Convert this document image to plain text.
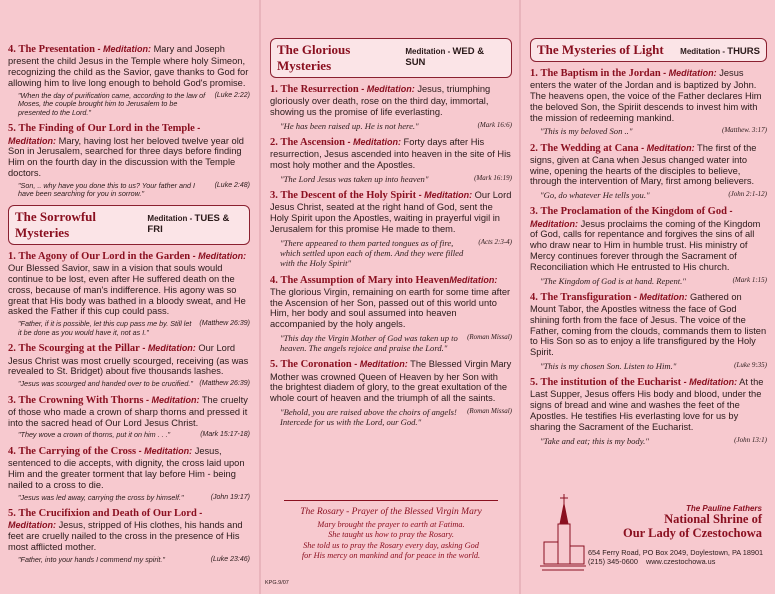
4. The Presentation - Meditation: Mary and Joseph present the child Jesus in the Temple where holy Simeon, recognizing the child as the Savior, gave thanks to God for allowing him to live long enough to behold God's promise.

"When the day of purification came, according to the law of Moses, the couple brought him to Jerusalem to be presented to the Lord."
(Luke 2:22)

5. The Finding of Our Lord in the Temple - Meditation: Mary, having lost her beloved twelve year old Son in Jerusalem, searched for three days before finding Him on the fourth day in the discussion with the Temple doctors.

"Son, .. why have you done this to us? Your father and I have been searching for you in sorrow."
(Luke 2:48)
The Sorrowful Mysteries
Meditation - TUES & FRI

1. The Agony of Our Lord in the Garden - Meditation: Our Blessed Savior, saw in a vision that souls would continue to be lost, even after He suffered death on the cross, because of man's indifference. His agony was so great that His body was bathed in a bloody sweat, and He asked the Father if this cup could pass.

"Father, if it is possible, let this cup pass me by. Still let it be done as you would have it, not as I."
(Matthew 26:39)

2. The Scourging at the Pillar - Meditation: Our Lord Jesus Christ was most cruelly scourged, receiving (as was revealed to St. Bridget) about five thousands lashes.

"Jesus was scourged and handed over to be crucified." (Matthew 26:39)

3. The Crowning With Thorns - Meditation: The cruelty of those who made a crown of sharp thorns and pressed it into the sacred head of Our Lord Jesus Christ.

"They wove a crown of thorns, put it on him . . ."	(Mark 15:17-18)

4. The Carrying of the Cross - Meditation: Jesus, sentenced to die accepts, with dignity, the cross laid upon Him and the greater torment that lay before Him - being nailed to a cross to die.

"Jesus was led away, carrying the cross by himself."	(John 19:17)

5. The Crucifixion and Death of Our Lord - Meditation: Jesus, stripped of His clothes, his hands and feet are cruelly nailed to the cross in the presence of His most afflicted mother.

"Father, into your hands I commend my spirit."	(Luke 23:46)
The Glorious Mysteries
Meditation - WED & SUN

1. The Resurrection - Meditation: Jesus, triumphing gloriously over death, rose on the third day, immortal, showing us the promise of life everlasting.

"He has been raised up. He is not here."	(Mark 16:6)

2. The Ascension - Meditation: Forty days after His resurrection, Jesus ascended into heaven in the site of His most holy mother and the Apostles.

"The Lord Jesus was taken up into heaven"	(Mark 16:19)

3. The Descent of the Holy Spirit - Meditation: Our Lord Jesus Christ, seated at the right hand of God, sent the Holy Spirit upon the Apostles, waiting in prayerful vigil in Jerusalem for this promise He made to them.

"There appeared to them parted tongues as of fire, which settled upon each of them. And they were filled with the Holy Spirit"
(Acts 2:3-4)

4. The Assumption of Mary into HeavenMeditation: The glorious Virgin, remaining on earth for some time after the Ascension of her Son, passed out of this world unto Him, her body and soul assumed into heaven accompanied by the holy angels.

"This day the Virgin Mother of God was taken up to heaven. The angels rejoice and praise the Lord."
(Roman Missal)

5. The Coronation - Meditation: The Blessed Virgin Mary Mother was crowned Queen of Heaven by her Son with the brightest diadem of glory, to the great exultation of the whole court of heaven and the triumph of all the saints.

"Behold, you are raised above the choirs of angels! Intercede for us with the Lord, our God."
(Roman Missal)
The Rosary - Prayer of the Blessed Virgin Mary
Mary brought the prayer to earth at Fatima.
She taught us how to pray the Rosary.
She told us to pray the Rosary every day, asking God
for His mercy on mankind and for peace in the world.
KPG.9/07
The Mysteries of Light Meditation - THURS

1. The Baptism in the Jordan - Meditation: Jesus enters the water of the Jordan and is baptized by John. The heavens open, the voice of the Father declares Him the beloved Son, the Spiriit descends to invest him with the mission of redeeming mankind.

"This is my beloved Son .."	(Matthew. 3:17)

2. The Wedding at Cana - Meditation: The first of the signs, given at Cana when Jesus changed water into wine, opening the hearts of the disciples to believe, through the intervention of Mary, first among believers.

"Go, do whatever He tells you."	(John 2:1-12)

3. The Proclamation of the Kingdom of God - Meditation: Jesus proclaims the coming of the Kingdom of God, calls for repentance and forgives the sins of all who draw near to Him in humble trust. His ministry of Mercy continues forever through the Sacrament of Reconciliation which He entrusted to His church.

"The Kingdom of God is at hand. Repent."	(Mark 1:15)

4. The Transfiguration - Meditation: Gathered on Mount Tabor, the Apostles witness the face of God shining forth from the face of Jesus. The voice of the Father, coming from the clouds, commands them to listen to His Son so as to enjoy a life transfigured by the Holy Spirit.

"This is my chosen Son. Listen to Him."	(Luke 9:35)

5. The institution of the Eucharist - Meditation: At the Last Supper, Jesus offers His body and blood, under the signs of bread and wine and washes the feet of the Apostles. He testifies His everlasting love for us by sharing the Sacrament of the Eucharist.

"Take and eat; this is my body."	(John 13:1)
The Pauline Fathers
National Shrine of
Our Lady of Czestochowa
654 Ferry Road, PO Box 2049, Doylestown, PA 18901
(215) 345-0600 www.czestochowa.us
